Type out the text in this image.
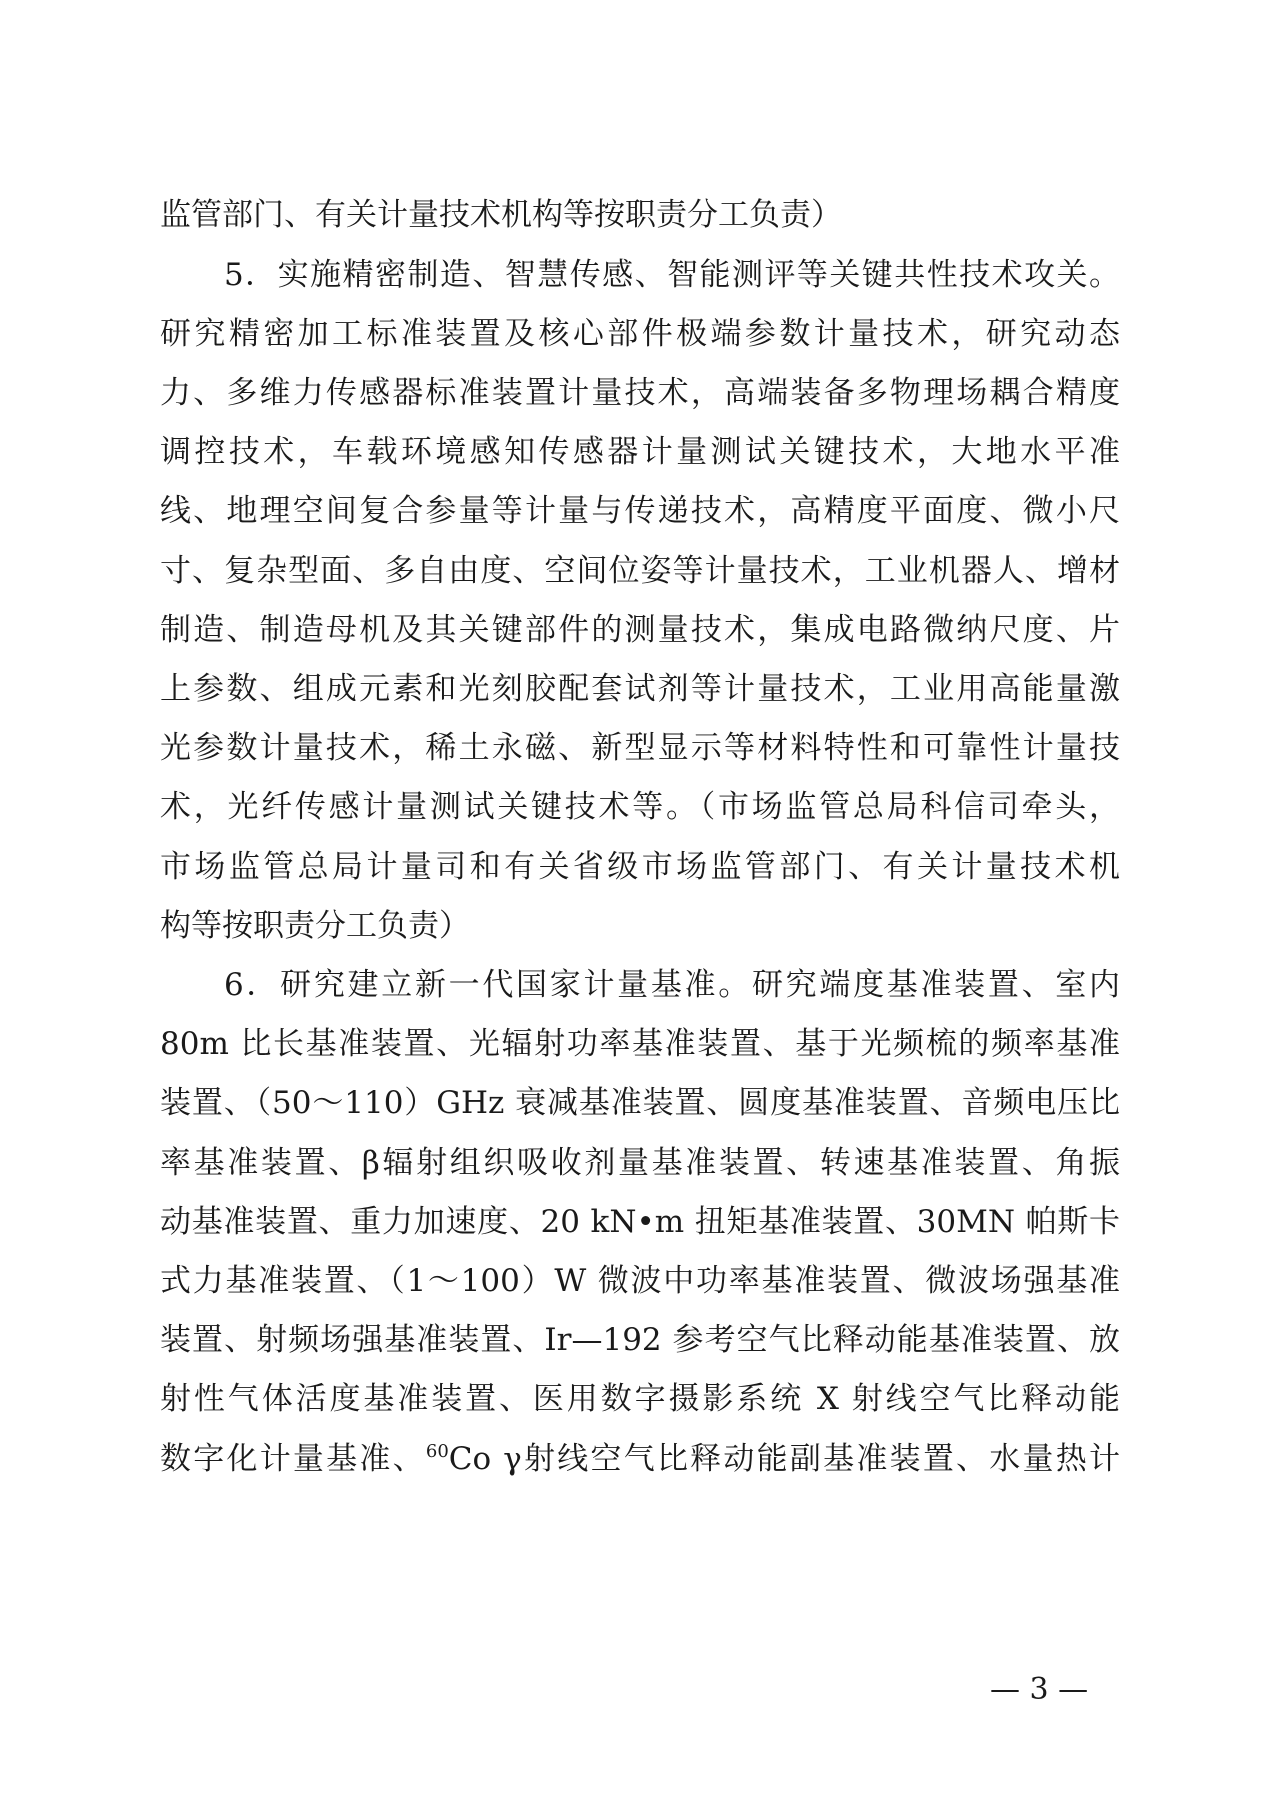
监管部门、有关计量技术机构等按职责分工负责）
5．实施精密制造、智慧传感、智能测评等关键共性技术攻关。
研究精密加工标准装置及核心部件极端参数计量技术，研究动态
力、多维力传感器标准装置计量技术，高端装备多物理场耦合精度
调控技术，车载环境感知传感器计量测试关键技术，大地水平准
线、地理空间复合参量等计量与传递技术，高精度平面度、微小尺
寸、复杂型面、多自由度、空间位姿等计量技术，工业机器人、增材
制造、制造母机及其关键部件的测量技术，集成电路微纳尺度、片
上参数、组成元素和光刻胶配套试剂等计量技术，工业用高能量激
光参数计量技术，稀土永磁、新型显示等材料特性和可靠性计量技
术，光纤传感计量测试关键技术等。（市场监管总局科信司牵头，
市场监管总局计量司和有关省级市场监管部门、有关计量技术机
构等按职责分工负责）
6．研究建立新一代国家计量基准。研究端度基准装置、室内
80m 比长基准装置、光辐射功率基准装置、基于光频梳的频率基准
装置、（50～110）GHz 衰减基准装置、圆度基准装置、音频电压比
率基准装置、β辐射组织吸收剂量基准装置、转速基准装置、角振
动基准装置、重力加速度、20 kN•m 扭矩基准装置、30MN 帕斯卡
式力基准装置、（1～100）W 微波中功率基准装置、微波场强基准
装置、射频场强基准装置、Ir—192 参考空气比释动能基准装置、放
射性气体活度基准装置、医用数字摄影系统 X 射线空气比释动能
数字化计量基准、$^{60}$Co γ射线空气比释动能副基准装置、水量热计
— 3 —
